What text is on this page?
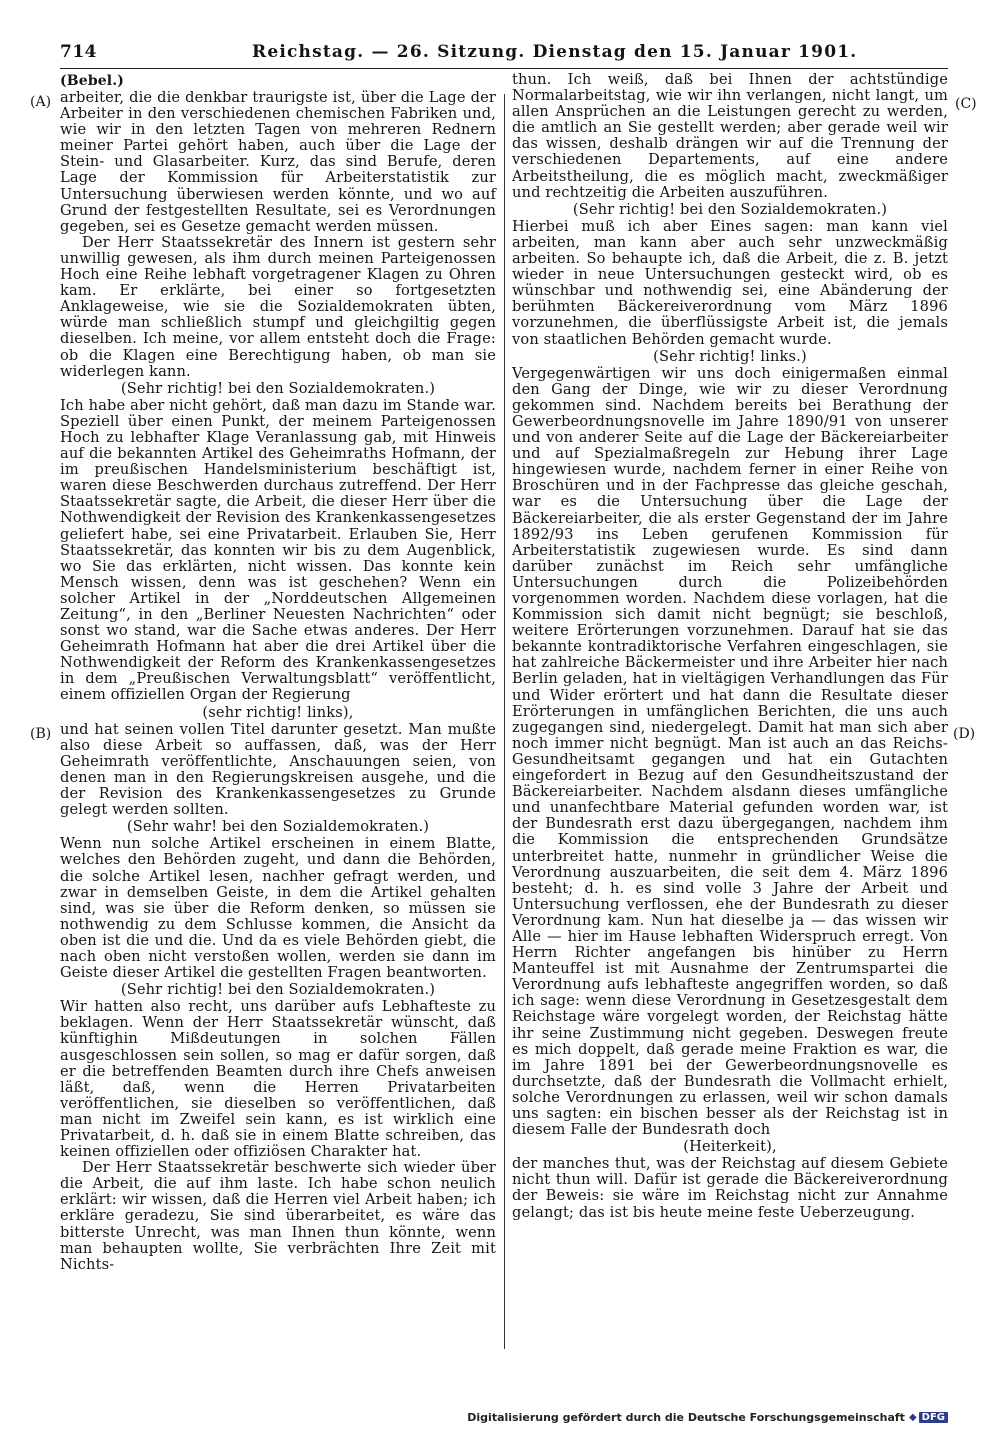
714	Reichstag. — 26. Sitzung. Dienstag den 15. Januar 1901.
(A)
(B)
(C)
(D)
(Bebel.)

arbeiter, die die denkbar traurigste ist, über die Lage der Arbeiter in den verschiedenen chemischen Fabriken und, wie wir in den letzten Tagen von mehreren Rednern meiner Partei gehört haben, auch über die Lage der Stein- und Glasarbeiter. Kurz, das sind Berufe, deren Lage der Kommission für Arbeiterstatistik zur Untersuchung überwiesen werden könnte, und wo auf Grund der festgestellten Resultate, sei es Verordnungen gegeben, sei es Gesetze gemacht werden müssen.

Der Herr Staatssekretär des Innern ist gestern sehr unwillig gewesen, als ihm durch meinen Parteigenossen Hoch eine Reihe lebhaft vorgetragener Klagen zu Ohren kam. Er erklärte, bei einer so fortgesetzten Anklageweise, wie sie die Sozialdemokraten übten, würde man schließlich stumpf und gleichgiltig gegen dieselben. Ich meine, vor allem entsteht doch die Frage: ob die Klagen eine Berechtigung haben, ob man sie widerlegen kann.

(Sehr richtig! bei den Sozialdemokraten.)

Ich habe aber nicht gehört, daß man dazu im Stande war. Speziell über einen Punkt, der meinem Parteigenossen Hoch zu lebhafter Klage Veranlassung gab, mit Hinweis auf die bekannten Artikel des Geheimraths Hofmann, der im preußischen Handelsministerium beschäftigt ist, waren diese Beschwerden durchaus zutreffend. Der Herr Staatssekretär sagte, die Arbeit, die dieser Herr über die Nothwendigkeit der Revision des Krankenkassengesetzes geliefert habe, sei eine Privatarbeit. Erlauben Sie, Herr Staatssekretär, das konnten wir bis zu dem Augenblick, wo Sie das erklärten, nicht wissen. Das konnte kein Mensch wissen, denn was ist geschehen? Wenn ein solcher Artikel in der „Norddeutschen Allgemeinen Zeitung“, in den „Berliner Neuesten Nachrichten“ oder sonst wo stand, war die Sache etwas anderes. Der Herr Geheimrath Hofmann hat aber die drei Artikel über die Nothwendigkeit der Reform des Krankenkassengesetzes in dem „Preußischen Verwaltungsblatt“ veröffentlicht, einem offiziellen Organ der Regierung

(sehr richtig! links),

und hat seinen vollen Titel darunter gesetzt. Man mußte also diese Arbeit so auffassen, daß, was der Herr Geheimrath veröffentlichte, Anschauungen seien, von denen man in den Regierungskreisen ausgehe, und die der Revision des Krankenkassengesetzes zu Grunde gelegt werden sollten.

(Sehr wahr! bei den Sozialdemokraten.)

Wenn nun solche Artikel erscheinen in einem Blatte, welches den Behörden zugeht, und dann die Behörden, die solche Artikel lesen, nachher gefragt werden, und zwar in demselben Geiste, in dem die Artikel gehalten sind, was sie über die Reform denken, so müssen sie nothwendig zu dem Schlusse kommen, die Ansicht da oben ist die und die. Und da es viele Behörden giebt, die nach oben nicht verstoßen wollen, werden sie dann im Geiste dieser Artikel die gestellten Fragen beantworten.

(Sehr richtig! bei den Sozialdemokraten.)

Wir hatten also recht, uns darüber aufs Lebhafteste zu beklagen. Wenn der Herr Staatssekretär wünscht, daß künftighin Mißdeutungen in solchen Fällen ausgeschlossen sein sollen, so mag er dafür sorgen, daß er die betreffenden Beamten durch ihre Chefs anweisen läßt, daß, wenn die Herren Privatarbeiten veröffentlichen, sie dieselben so veröffentlichen, daß man nicht im Zweifel sein kann, es ist wirklich eine Privatarbeit, d. h. daß sie in einem Blatte schreiben, das keinen offiziellen oder offiziösen Charakter hat.

Der Herr Staatssekretär beschwerte sich wieder über die Arbeit, die auf ihm laste. Ich habe schon neulich erklärt: wir wissen, daß die Herren viel Arbeit haben; ich erkläre geradezu, Sie sind überarbeitet, es wäre das bitterste Unrecht, was man Ihnen thun könnte, wenn man behaupten wollte, Sie verbrächten Ihre Zeit mit Nichts-

thun. Ich weiß, daß bei Ihnen der achtstündige Normalarbeitstag, wie wir ihn verlangen, nicht langt, um allen Ansprüchen an die Leistungen gerecht zu werden, die amtlich an Sie gestellt werden; aber gerade weil wir das wissen, deshalb drängen wir auf die Trennung der verschiedenen Departements, auf eine andere Arbeitstheilung, die es möglich macht, zweckmäßiger und rechtzeitig die Arbeiten auszuführen.

(Sehr richtig! bei den Sozialdemokraten.)

Hierbei muß ich aber Eines sagen: man kann viel arbeiten, man kann aber auch sehr unzweckmäßig arbeiten. So behaupte ich, daß die Arbeit, die z. B. jetzt wieder in neue Untersuchungen gesteckt wird, ob es wünschbar und nothwendig sei, eine Abänderung der berühmten Bäckereiverordnung vom März 1896 vorzunehmen, die überflüssigste Arbeit ist, die jemals von staatlichen Behörden gemacht wurde.

(Sehr richtig! links.)

Vergegenwärtigen wir uns doch einigermaßen einmal den Gang der Dinge, wie wir zu dieser Verordnung gekommen sind. Nachdem bereits bei Berathung der Gewerbeordnungsnovelle im Jahre 1890/91 von unserer und von anderer Seite auf die Lage der Bäckereiarbeiter und auf Spezialmaßregeln zur Hebung ihrer Lage hingewiesen wurde, nachdem ferner in einer Reihe von Broschüren und in der Fachpresse das gleiche geschah, war es die Untersuchung über die Lage der Bäckereiarbeiter, die als erster Gegenstand der im Jahre 1892/93 ins Leben gerufenen Kommission für Arbeiterstatistik zugewiesen wurde. Es sind dann darüber zunächst im Reich sehr umfängliche Untersuchungen durch die Polizeibehörden vorgenommen worden. Nachdem diese vorlagen, hat die Kommission sich damit nicht begnügt; sie beschloß, weitere Erörterungen vorzunehmen. Darauf hat sie das bekannte kontradiktorische Verfahren eingeschlagen, sie hat zahlreiche Bäckermeister und ihre Arbeiter hier nach Berlin geladen, hat in vieltägigen Verhandlungen das Für und Wider erörtert und hat dann die Resultate dieser Erörterungen in umfänglichen Berichten, die uns auch zugegangen sind, niedergelegt. Damit hat man sich aber noch immer nicht begnügt. Man ist auch an das Reichs-Gesundheitsamt gegangen und hat ein Gutachten eingefordert in Bezug auf den Gesundheitszustand der Bäckereiarbeiter. Nachdem alsdann dieses umfängliche und unanfechtbare Material gefunden worden war, ist der Bundesrath erst dazu übergegangen, nachdem ihm die Kommission die entsprechenden Grundsätze unterbreitet hatte, nunmehr in gründlicher Weise die Verordnung auszuarbeiten, die seit dem 4. März 1896 besteht; d. h. es sind volle 3 Jahre der Arbeit und Untersuchung verflossen, ehe der Bundesrath zu dieser Verordnung kam. Nun hat dieselbe ja — das wissen wir Alle — hier im Hause lebhaften Widerspruch erregt. Von Herrn Richter angefangen bis hinüber zu Herrn Manteuffel ist mit Ausnahme der Zentrumspartei die Verordnung aufs lebhafteste angegriffen worden, so daß ich sage: wenn diese Verordnung in Gesetzesgestalt dem Reichstage wäre vorgelegt worden, der Reichstag hätte ihr seine Zustimmung nicht gegeben. Deswegen freute es mich doppelt, daß gerade meine Fraktion es war, die im Jahre 1891 bei der Gewerbeordnungsnovelle es durchsetzte, daß der Bundesrath die Vollmacht erhielt, solche Verordnungen zu erlassen, weil wir schon damals uns sagten: ein bischen besser als der Reichstag ist in diesem Falle der Bundesrath doch

(Heiterkeit),

der manches thut, was der Reichstag auf diesem Gebiete nicht thun will. Dafür ist gerade die Bäckereiverordnung der Beweis: sie wäre im Reichstag nicht zur Annahme gelangt; das ist bis heute meine feste Ueberzeugung.

Digitalisierung gefördert durch die Deutsche Forschungsgemeinschaft ◆ DFG
